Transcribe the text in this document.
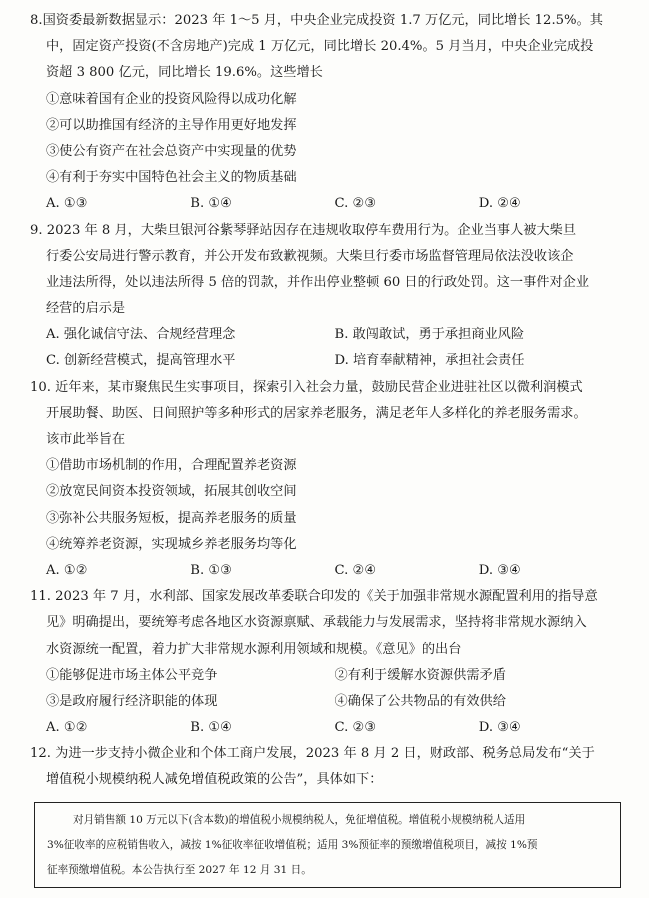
8.国资委最新数据显示：2023 年 1～5 月，中央企业完成投资 1.7 万亿元，同比增长 12.5%。其
中，固定资产投资(不含房地产)完成 1 万亿元，同比增长 20.4%。5 月当月，中央企业完成投
资超 3 800 亿元，同比增长 19.6%。这些增长
①意味着国有企业的投资风险得以成功化解
②可以助推国有经济的主导作用更好地发挥
③使公有资产在社会总资产中实现量的优势
④有利于夯实中国特色社会主义的物质基础
A. ①③	B. ①④	C. ②③	D. ②④
9. 2023 年 8 月，大柴旦银河谷紫琴驿站因存在违规收取停车费用行为。企业当事人被大柴旦
行委公安局进行警示教育，并公开发布致歉视频。大柴旦行委市场监督管理局依法没收该企
业违法所得，处以违法所得 5 倍的罚款，并作出停业整顿 60 日的行政处罚。这一事件对企业
经营的启示是
A. 强化诚信守法、合规经营理念	B. 敢闯敢试，勇于承担商业风险
C. 创新经营模式，提高管理水平	D. 培育奉献精神，承担社会责任
10. 近年来，某市聚焦民生实事项目，探索引入社会力量，鼓励民营企业进驻社区以微利润模式
开展助餐、助医、日间照护等多种形式的居家养老服务，满足老年人多样化的养老服务需求。
该市此举旨在
①借助市场机制的作用，合理配置养老资源
②放宽民间资本投资领域，拓展其创收空间
③弥补公共服务短板，提高养老服务的质量
④统筹养老资源，实现城乡养老服务均等化
A. ①②	B. ①③	C. ②④	D. ③④
11. 2023 年 7 月，水利部、国家发展改革委联合印发的《关于加强非常规水源配置利用的指导意
见》明确提出，要统筹考虑各地区水资源禀赋、承载能力与发展需求，坚持将非常规水源纳入
水资源统一配置，着力扩大非常规水源利用领域和规模。《意见》的出台
①能够促进市场主体公平竞争	②有利于缓解水资源供需矛盾
③是政府履行经济职能的体现	④确保了公共物品的有效供给
A. ①②	B. ①④	C. ②③	D. ③④
12. 为进一步支持小微企业和个体工商户发展，2023 年 8 月 2 日，财政部、税务总局发布“关于
增值税小规模纳税人减免增值税政策的公告”，具体如下：
对月销售额 10 万元以下(含本数)的增值税小规模纳税人，免征增值税。增值税小规模纳税人适用
3%征收率的应税销售收入，减按 1%征收率征收增值税；适用 3%预征率的预缴增值税项目，减按 1%预
征率预缴增值税。本公告执行至 2027 年 12 月 31 日。
